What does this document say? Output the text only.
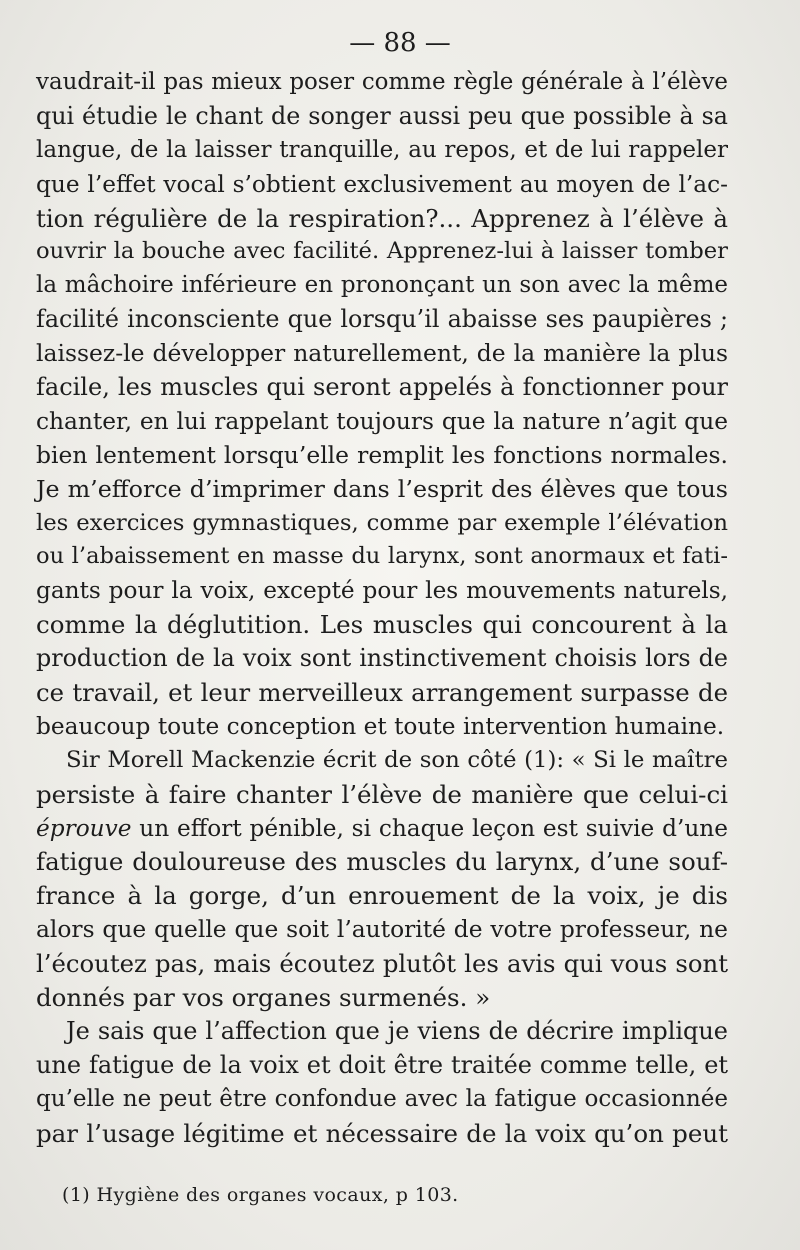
— 88 —
vaudrait-il pas mieux poser comme règle générale à l’élève
qui étudie le chant de songer aussi peu que possible à sa
langue, de la laisser tranquille, au repos, et de lui rappeler
que l’effet vocal s’obtient exclusivement au moyen de l’ac-
tion régulière de la respiration?... Apprenez à l’élève à
ouvrir la bouche avec facilité. Apprenez-lui à laisser tomber
la mâchoire inférieure en prononçant un son avec la même
facilité inconsciente que lorsqu’il abaisse ses paupières ;
laissez-le développer naturellement, de la manière la plus
facile, les muscles qui seront appelés à fonctionner pour
chanter, en lui rappelant toujours que la nature n’agit que
bien lentement lorsqu’elle remplit les fonctions normales.
Je m’efforce d’imprimer dans l’esprit des élèves que tous
les exercices gymnastiques, comme par exemple l’élévation
ou l’abaissement en masse du larynx, sont anormaux et fati-
gants pour la voix, excepté pour les mouvements naturels,
comme la déglutition. Les muscles qui concourent à la
production de la voix sont instinctivement choisis lors de
ce travail, et leur merveilleux arrangement surpasse de
beaucoup toute conception et toute intervention humaine.
Sir Morell Mackenzie écrit de son côté (1): « Si le maître
persiste à faire chanter l’élève de manière que celui-ci
éprouve un effort pénible, si chaque leçon est suivie d’une
fatigue douloureuse des muscles du larynx, d’une souf-
france à la gorge, d’un enrouement de la voix, je dis
alors que quelle que soit l’autorité de votre professeur, ne
l’écoutez pas, mais écoutez plutôt les avis qui vous sont
donnés par vos organes surmenés. »
Je sais que l’affection que je viens de décrire implique
une fatigue de la voix et doit être traitée comme telle, et
qu’elle ne peut être confondue avec la fatigue occasionnée
par l’usage légitime et nécessaire de la voix qu’on peut
(1) Hygiène des organes vocaux, p 103.
